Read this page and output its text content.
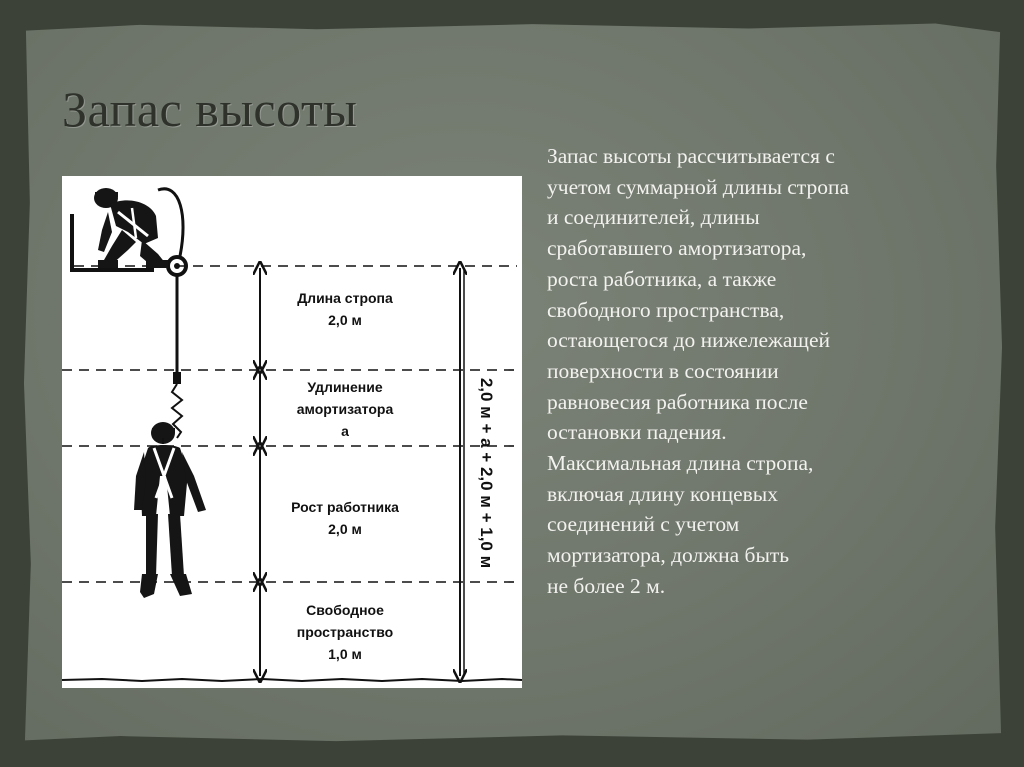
Запас высоты

Запас высоты рассчитывается с
учетом суммарной длины стропа
и соединителей, длины
сработавшего амортизатора,
роста работника, а также
свободного пространства,
остающегося до нижележащей
поверхности в состоянии
равновесия работника после
остановки падения.
Максимальная длина стропа,
включая длину концевых
соединений с учетом
мортизатора, должна быть
не более 2 м.

Длина стропа
2,0 м
Удлинение
амортизатора
а
Рост работника
2,0 м
Свободное
пространство
1,0 м
2,0 м + а + 2,0 м + 1,0 м
